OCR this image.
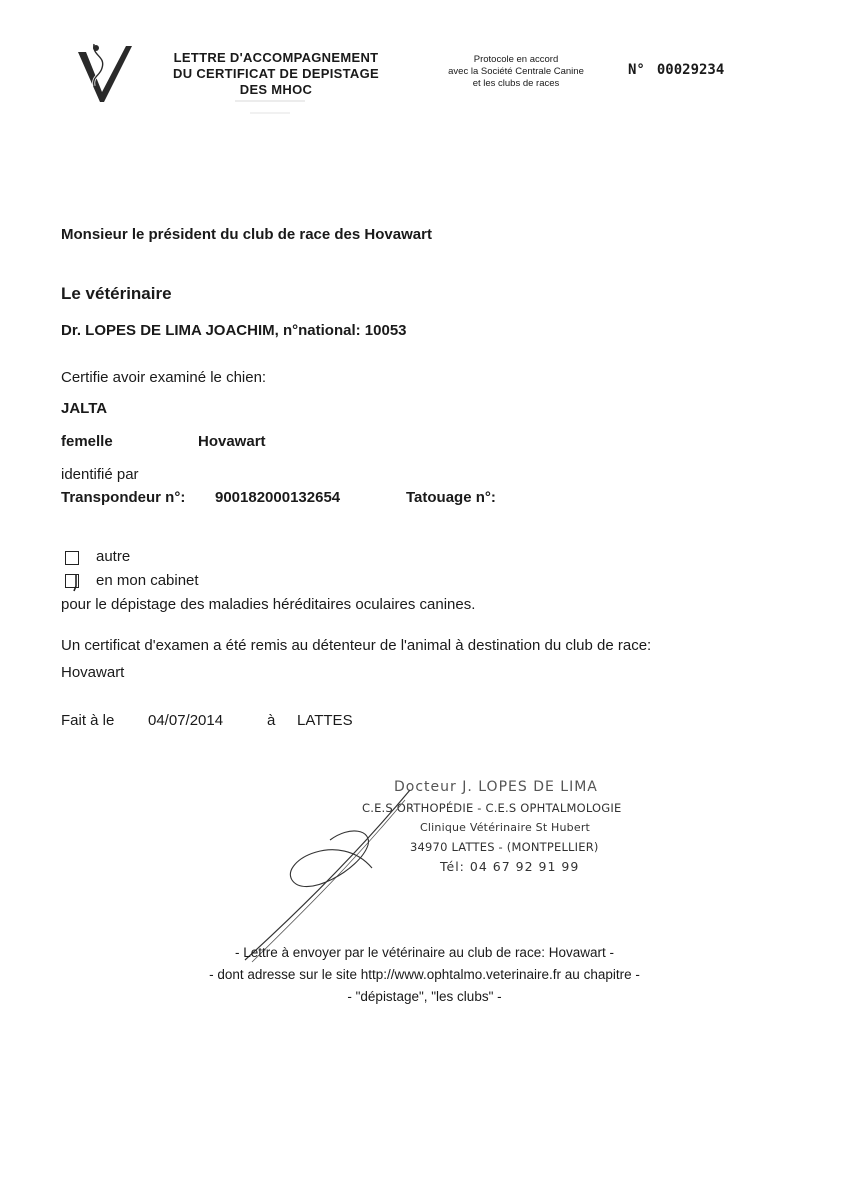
LETTRE D'ACCOMPAGNEMENT
DU CERTIFICAT DE DEPISTAGE
DES MHOC
Protocole en accord
avec la Société Centrale Canine
et les clubs de races
N° 00029234
Monsieur le président du club de race des Hovawart
Le vétérinaire
Dr. LOPES DE LIMA JOACHIM, n°national: 10053
Certifie avoir examiné le chien:
JALTA
femelle	Hovawart
identifié par
Transpondeur n°: 900182000132654	Tatouage n°:
autre
en mon cabinet
pour le dépistage des maladies héréditaires oculaires canines.
Un certificat d'examen a été remis au détenteur de l'animal à destination du club de race:
Hovawart
Fait à le 04/07/2014	à LATTES
Docteur J. LOPES DE LIMA
C.E.S ORTHOPÉDIE - C.E.S OPHTALMOLOGIE
Clinique Vétérinaire St Hubert
34970 LATTES - (MONTPELLIER)
Tél: 04 67 92 91 99
- Lettre à envoyer par le vétérinaire au club de race: Hovawart -
- dont adresse sur le site http://www.ophtalmo.veterinaire.fr au chapitre -
- "dépistage", "les clubs" -
